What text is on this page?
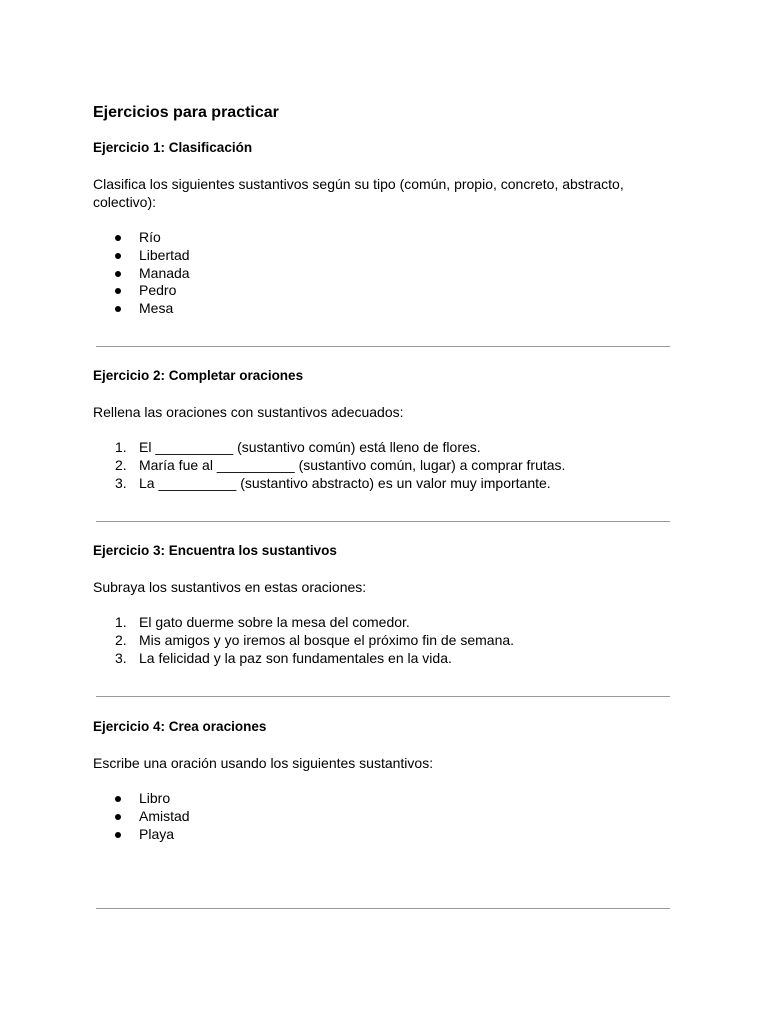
Ejercicios para practicar
Ejercicio 1: Clasificación
Clasifica los siguientes sustantivos según su tipo (común, propio, concreto, abstracto, colectivo):
Río
Libertad
Manada
Pedro
Mesa
Ejercicio 2: Completar oraciones
Rellena las oraciones con sustantivos adecuados:
1. El __________ (sustantivo común) está lleno de flores.
2. María fue al __________ (sustantivo común, lugar) a comprar frutas.
3. La __________ (sustantivo abstracto) es un valor muy importante.
Ejercicio 3: Encuentra los sustantivos
Subraya los sustantivos en estas oraciones:
1. El gato duerme sobre la mesa del comedor.
2. Mis amigos y yo iremos al bosque el próximo fin de semana.
3. La felicidad y la paz son fundamentales en la vida.
Ejercicio 4: Crea oraciones
Escribe una oración usando los siguientes sustantivos:
Libro
Amistad
Playa
